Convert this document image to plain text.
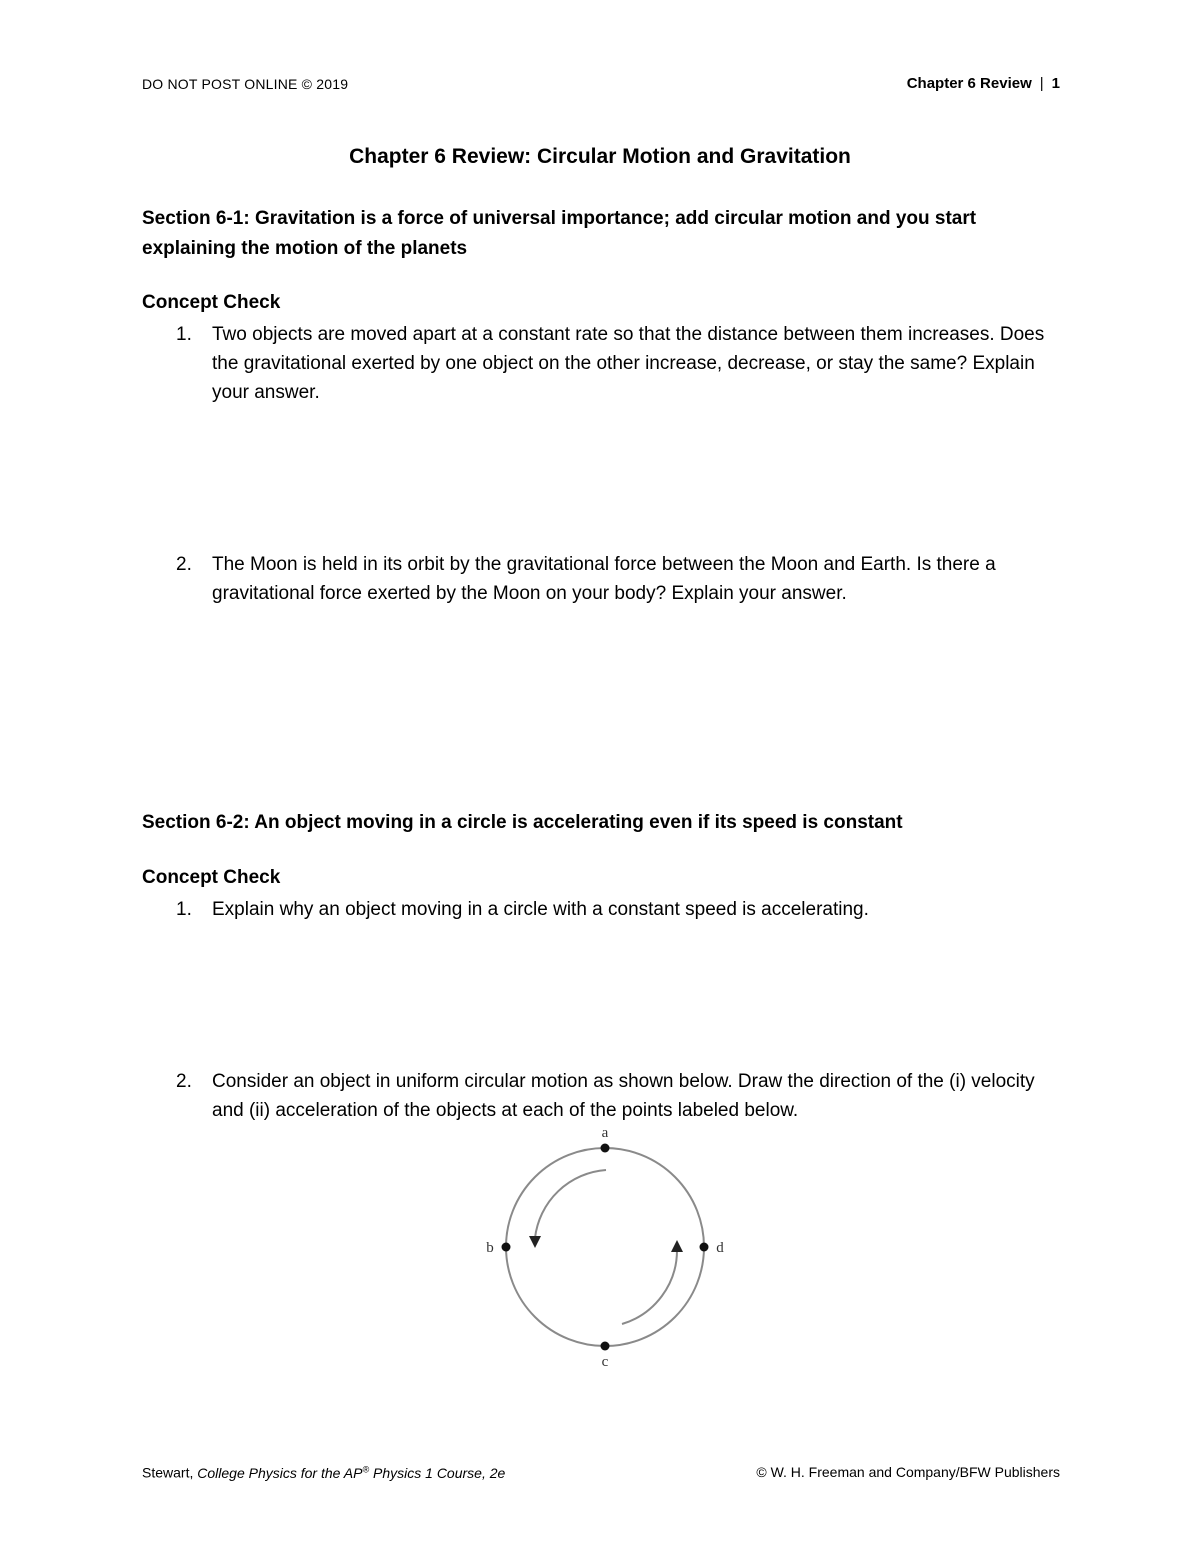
DO NOT POST ONLINE © 2019	Chapter 6 Review | 1
Chapter 6 Review: Circular Motion and Gravitation
Section 6-1: Gravitation is a force of universal importance; add circular motion and you start explaining the motion of the planets
Concept Check
1. Two objects are moved apart at a constant rate so that the distance between them increases. Does the gravitational exerted by one object on the other increase, decrease, or stay the same? Explain your answer.
2. The Moon is held in its orbit by the gravitational force between the Moon and Earth. Is there a gravitational force exerted by the Moon on your body? Explain your answer.
Section 6-2: An object moving in a circle is accelerating even if its speed is constant
Concept Check
1. Explain why an object moving in a circle with a constant speed is accelerating.
2. Consider an object in uniform circular motion as shown below. Draw the direction of the (i) velocity and (ii) acceleration of the objects at each of the points labeled below.
a
b
c
d
Stewart, College Physics for the AP® Physics 1 Course, 2e	© W. H. Freeman and Company/BFW Publishers
